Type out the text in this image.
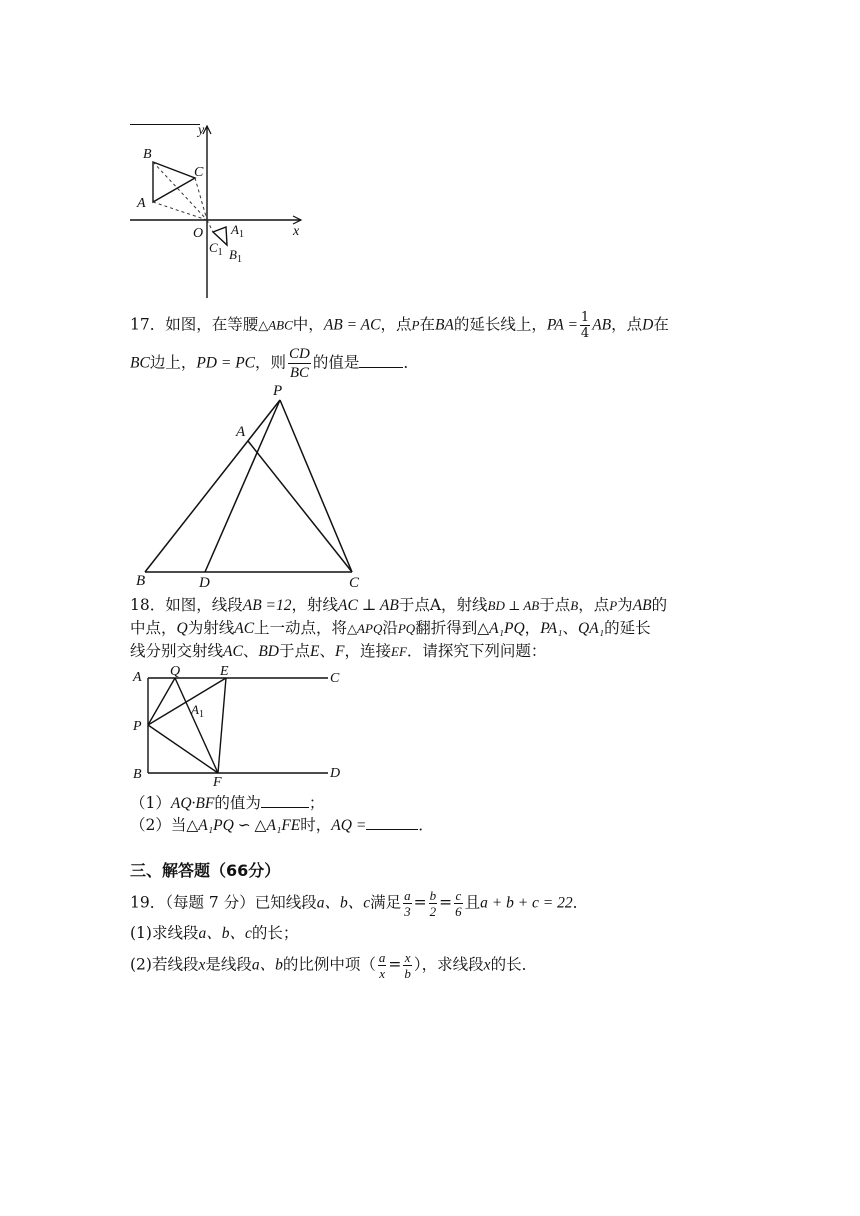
y
x
O
B
C
A
$A_1$
$C_1$ $B_1$
17．如图，在等腰△ABC中，AB = AC，点P在BA的延长线上，PA = $\frac{1}{4}$ AB，点D在
BC边上，PD = PC，则 $\frac{CD}{BC}$ 的值是	．
P
A
B	D	C
18．如图，线段AB =12，射线AC ⊥ AB于点A，射线BD ⊥ AB于点B，点P为AB的
中点，Q为射线AC上一动点，将△APQ沿PQ翻折得到△A₁PQ，PA₁、QA₁的延长
线分别交射线AC、BD于点E、F，连接EF．请探究下列问题：
A Q	E	C
$A_1$
P
B
F
D
（1）AQ·BF的值为	；
（2）当△A₁PQ ∽ △A₁FE时，AQ =	．
三、解答题（66分）
19．（每题 7 分）已知线段a、b、c满足 $\frac{a}{3} = \frac{b}{2} = \frac{c}{6}$ 且a + b + c = 22．
(1)求线段a、b、c的长；
(2)若线段x是线段a、b的比例中项（ $\frac{a}{x} = \frac{x}{b}$ ），求线段x的长．
